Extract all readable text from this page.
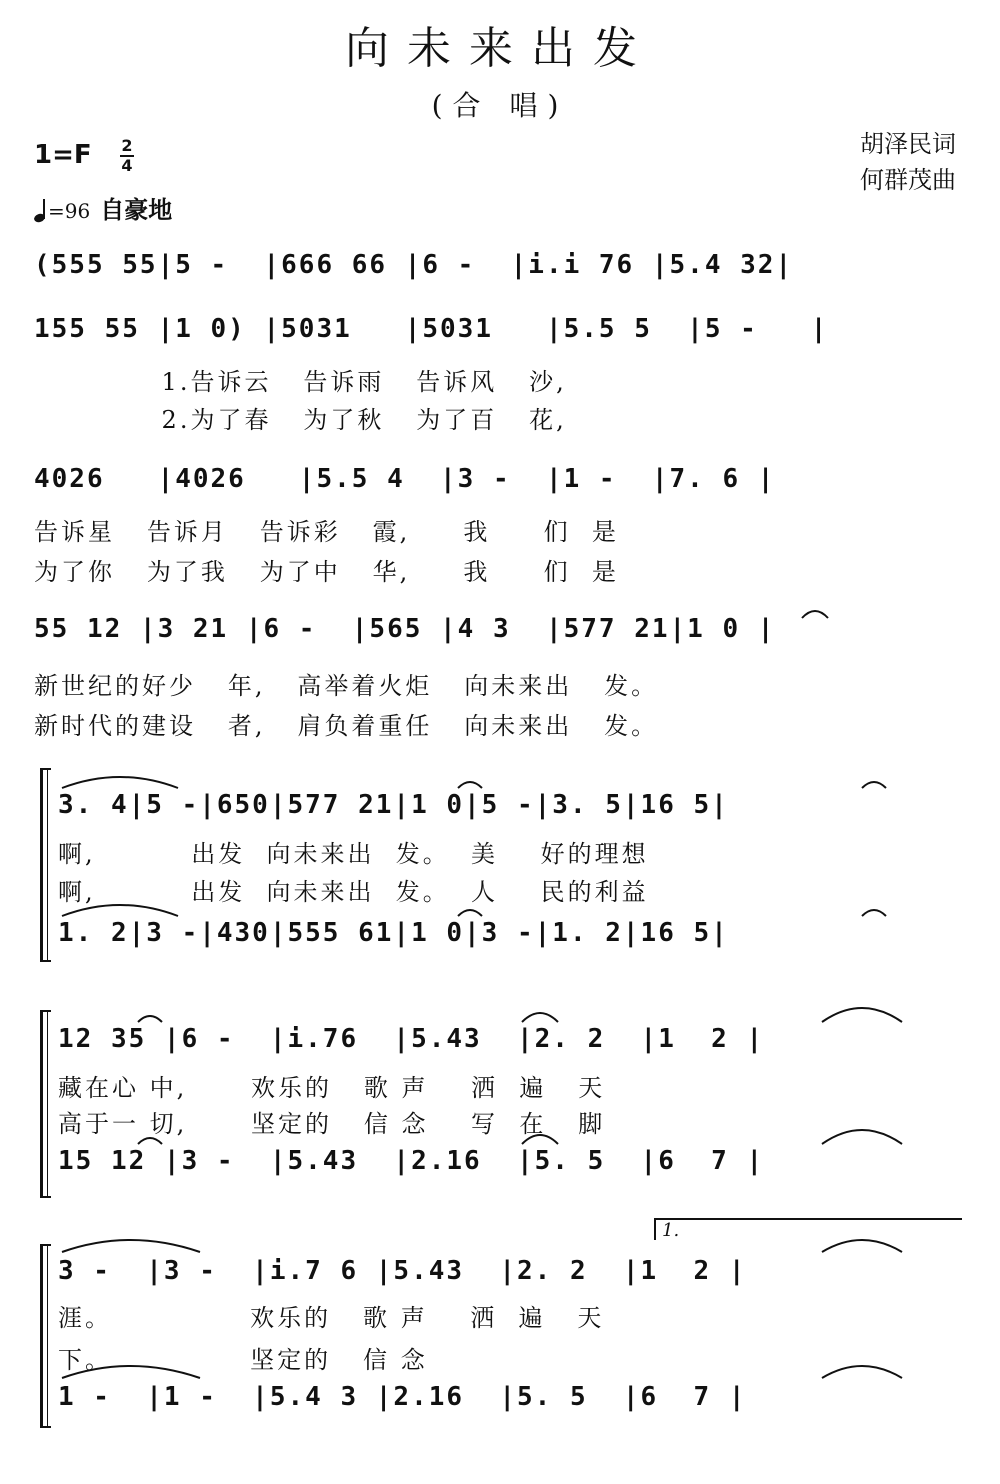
向未来出发
(合 唱)
胡泽民词
何群茂曲
1=F 2
4
=96 自豪地
(555 55|5 -  |666 66 |6 -  |i.i 76 |5.4 32|
155 55 |1 0) |5031   |5031   |5.5 5  |5 -   |
1.告诉云   告诉雨   告诉风   沙,
2.为了春   为了秋   为了百   花,
4026   |4026   |5.5 4  |3 -  |1 -  |7. 6 |
告诉星   告诉月   告诉彩   霞,     我     们  是
为了你   为了我   为了中   华,     我     们  是
55 12 |3 21 |6 -  |565 |4 3  |577 21|1 0 |
新世纪的好少   年,   高举着火炬   向未来出   发。
新时代的建设   者,   肩负着重任   向未来出   发。
3. 4|5 -|650|577 21|1 0|5 -|3. 5|16 5|
啊,         出发  向未来出  发。  美    好的理想
啊,         出发  向未来出  发。  人    民的利益
1. 2|3 -|430|555 61|1 0|3 -|1. 2|16 5|
12 35 |6 -  |i.76  |5.43  |2. 2  |1  2 |
藏在心 中,      欢乐的   歌 声    洒  遍   天
高于一 切,      坚定的   信 念    写  在   脚
15 12 |3 -  |5.43  |2.16  |5. 5  |6  7 |
1.
3 -  |3 -  |i.7 6 |5.43  |2. 2  |1  2 |
涯。             欢乐的   歌 声    洒  遍   天
下。             坚定的   信 念
1 -  |1 -  |5.4 3 |2.16  |5. 5  |6  7 |
